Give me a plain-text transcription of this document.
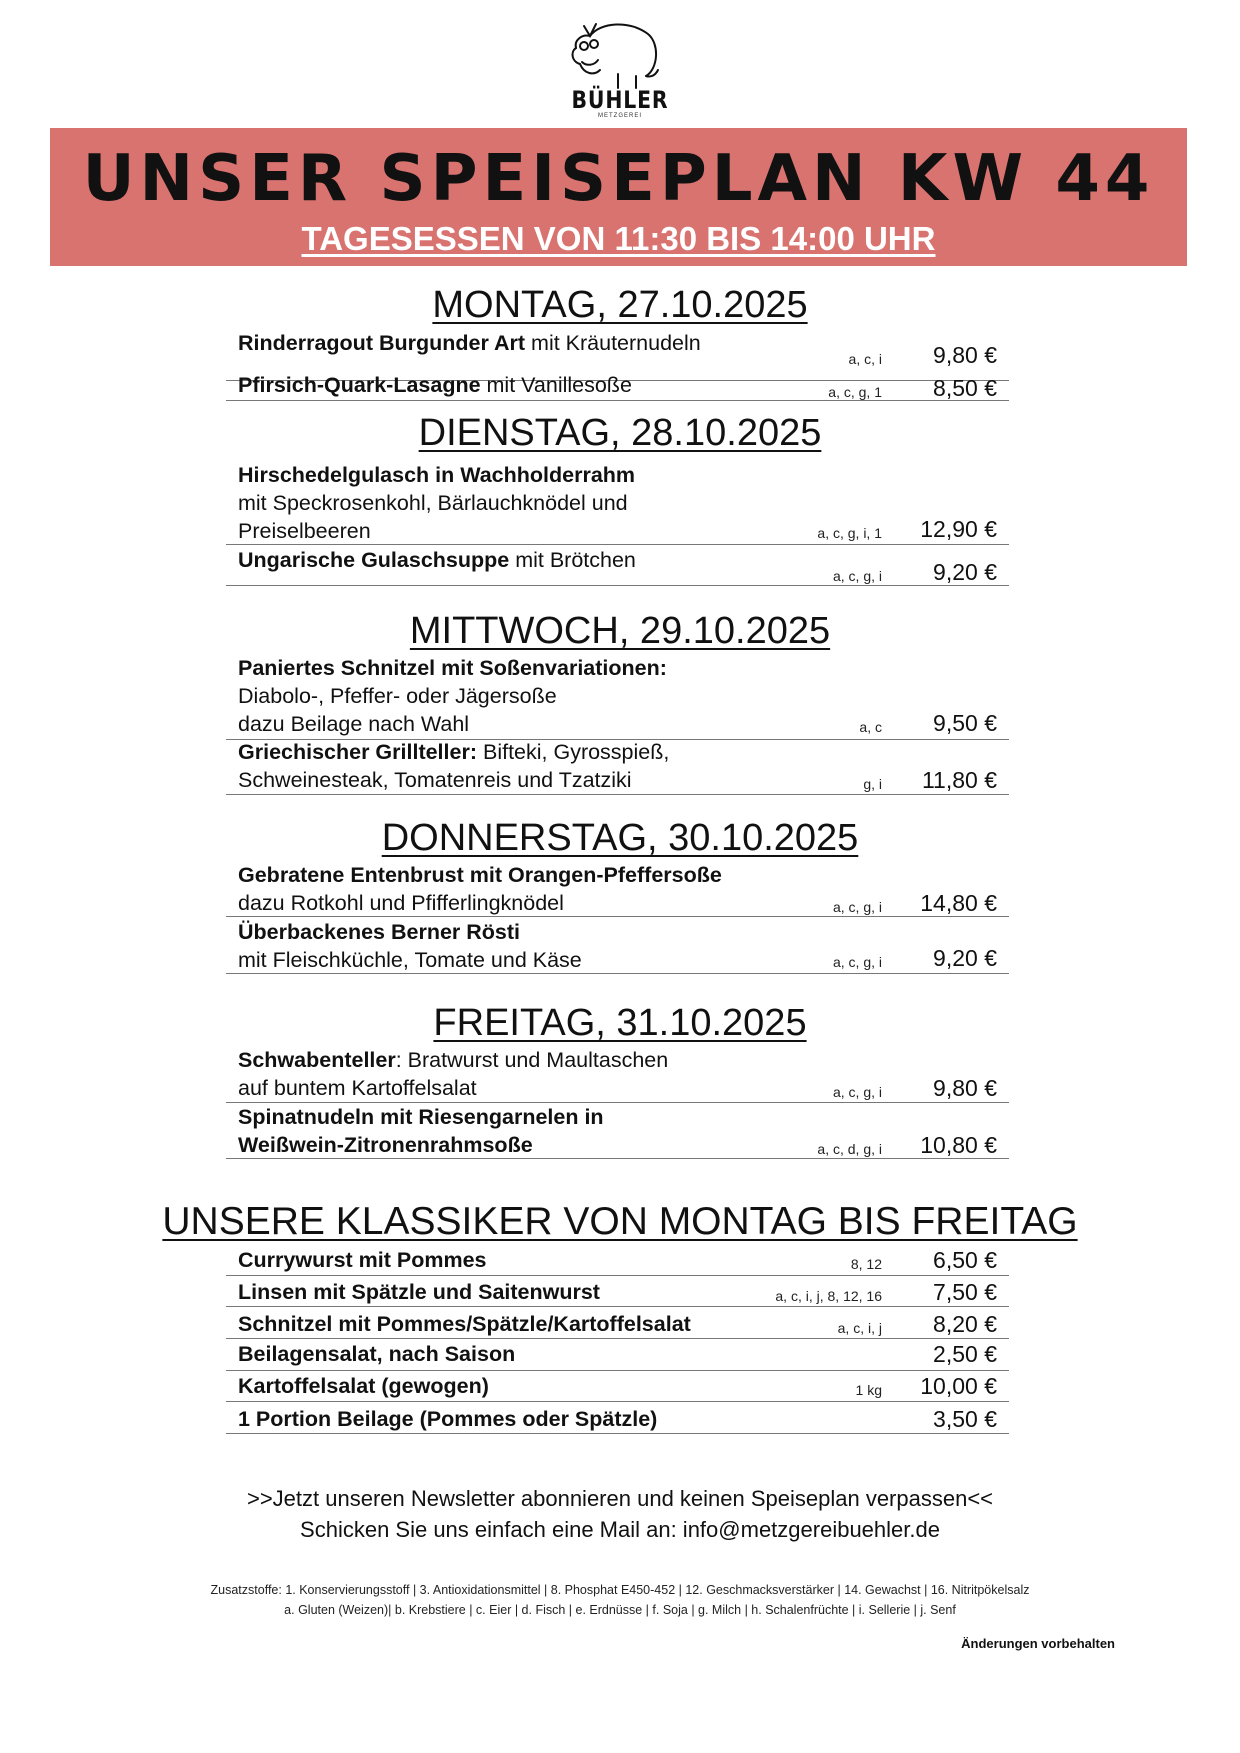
BÜHLER
METZGEREI
UNSER SPEISEPLAN KW 44
TAGESESSEN VON 11:30 BIS 14:00 UHR
MONTAG, 27.10.2025
Rinderragout Burgunder Art mit Kräuternudeln
a, c, i 9,80 €
Pfirsich-Quark-Lasagne mit Vanillesoße	a, c, g, 1 8,50 €
DIENSTAG, 28.10.2025
Hirschedelgulasch in Wachholderrahm
mit Speckrosenkohl, Bärlauchknödel und
Preiselbeeren	a, c, g, i, 1 12,90 €
Ungarische Gulaschsuppe mit Brötchen
a, c, g, i 9,20 €
MITTWOCH, 29.10.2025
Paniertes Schnitzel mit Soßenvariationen:
Diabolo-, Pfeffer- oder Jägersoße
dazu Beilage nach Wahl	a, c 9,50 €
Griechischer Grillteller: Bifteki, Gyrosspieß,
Schweinesteak, Tomatenreis und Tzatziki	g, i 11,80 €
DONNERSTAG, 30.10.2025
Gebratene Entenbrust mit Orangen-Pfeffersoße
dazu Rotkohl und Pfifferlingknödel	a, c, g, i 14,80 €
Überbackenes Berner Rösti
mit Fleischküchle, Tomate und Käse	a, c, g, i 9,20 €
FREITAG, 31.10.2025
Schwabenteller: Bratwurst und Maultaschen
auf buntem Kartoffelsalat	a, c, g, i 9,80 €
Spinatnudeln mit Riesengarnelen in
Weißwein-Zitronenrahmsoße	a, c, d, g, i 10,80 €
UNSERE KLASSIKER VON MONTAG BIS FREITAG
Currywurst mit Pommes	8, 12 6,50 €
Linsen mit Spätzle und Saitenwurst	a, c, i, j, 8, 12, 16 7,50 €
Schnitzel mit Pommes/Spätzle/Kartoffelsalat	a, c, i, j 8,20 €
Beilagensalat, nach Saison	2,50 €
Kartoffelsalat (gewogen)	1 kg 10,00 €
1 Portion Beilage (Pommes oder Spätzle)	3,50 €
>>Jetzt unseren Newsletter abonnieren und keinen Speiseplan verpassen<<
Schicken Sie uns einfach eine Mail an: info@metzgereibuehler.de
Zusatzstoffe: 1. Konservierungsstoff | 3. Antioxidationsmittel | 8. Phosphat E450-452 | 12. Geschmacksverstärker | 14. Gewachst | 16. Nitritpökelsalz
a. Gluten (Weizen)| b. Krebstiere | c. Eier | d. Fisch | e. Erdnüsse | f. Soja | g. Milch | h. Schalenfrüchte | i. Sellerie | j. Senf
Änderungen vorbehalten
